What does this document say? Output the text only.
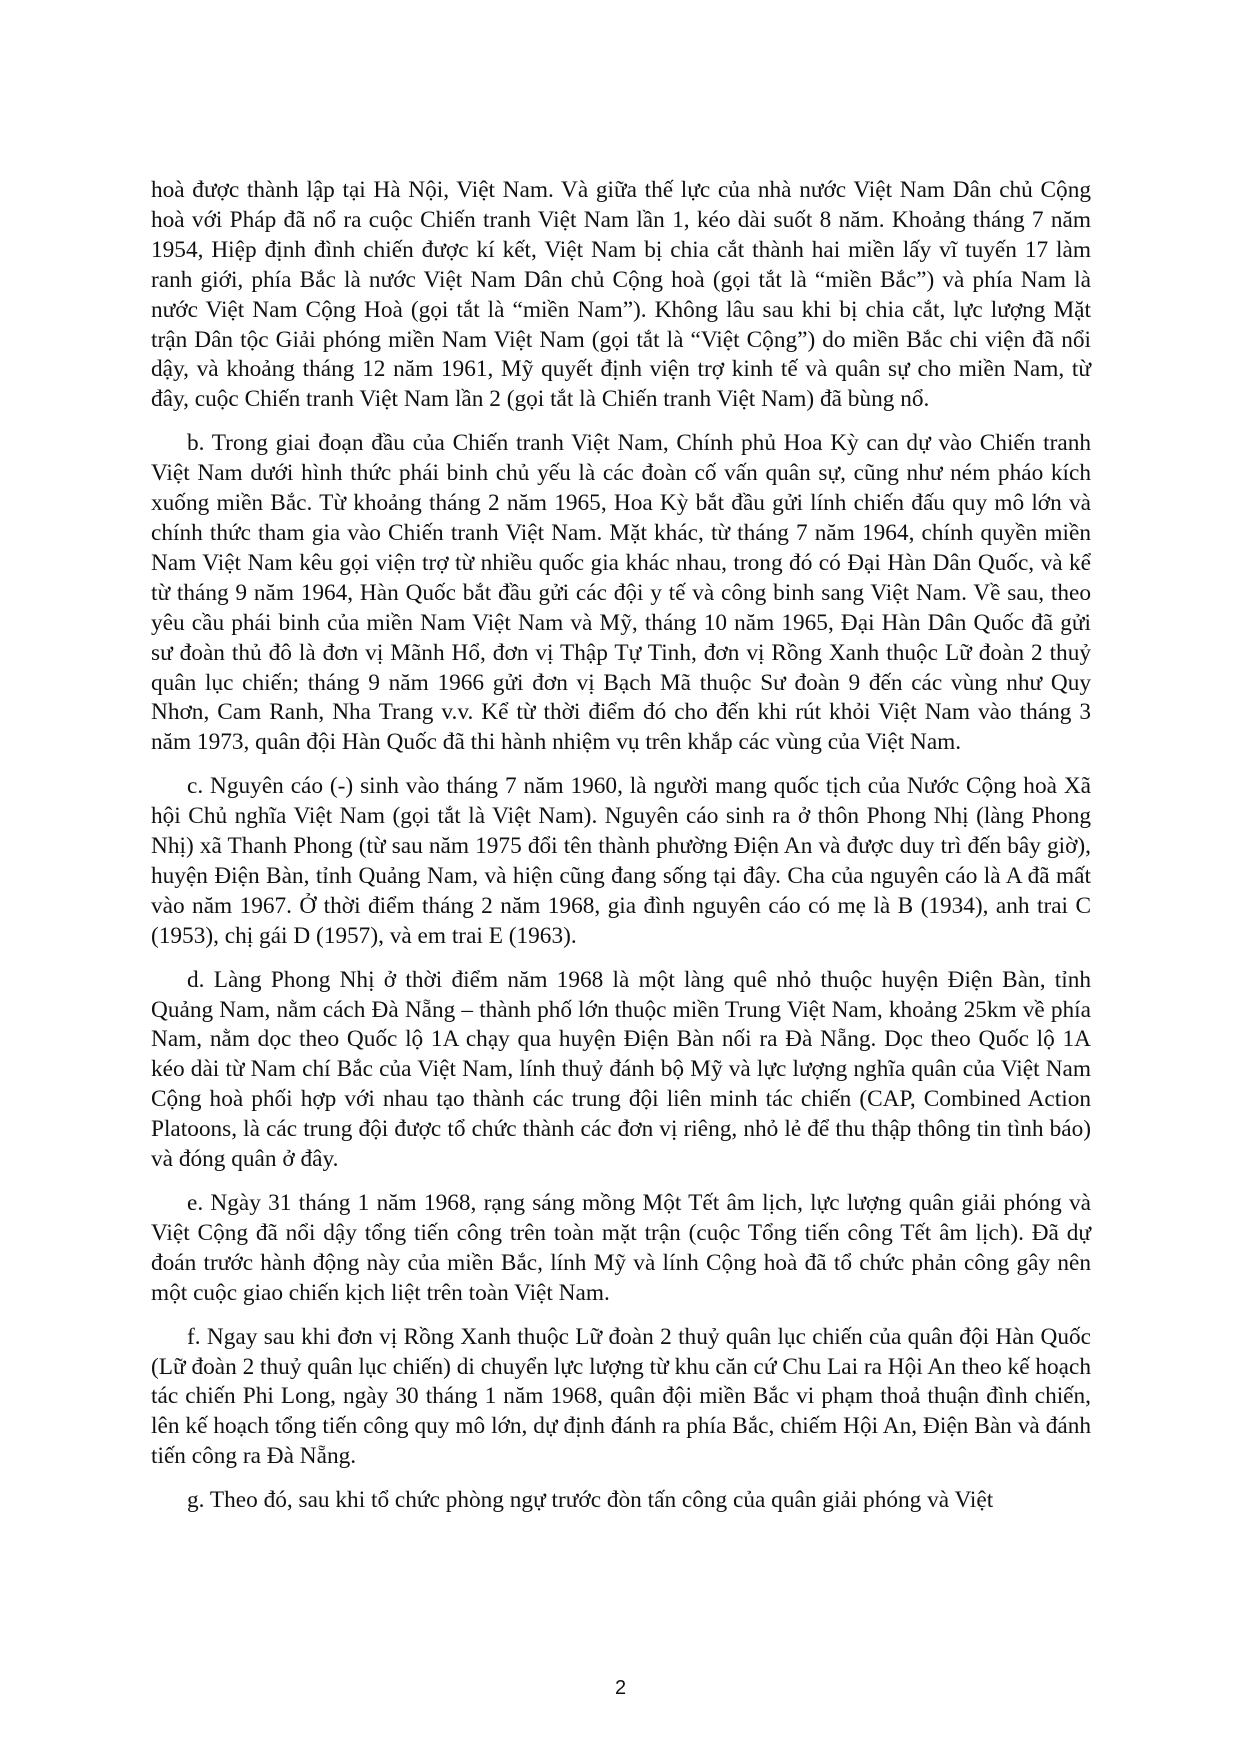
hoà được thành lập tại Hà Nội, Việt Nam. Và giữa thế lực của nhà nước Việt Nam Dân chủ Cộng hoà với Pháp đã nổ ra cuộc Chiến tranh Việt Nam lần 1, kéo dài suốt 8 năm. Khoảng tháng 7 năm 1954, Hiệp định đình chiến được kí kết, Việt Nam bị chia cắt thành hai miền lấy vĩ tuyến 17 làm ranh giới, phía Bắc là nước Việt Nam Dân chủ Cộng hoà (gọi tắt là “miền Bắc”) và phía Nam là nước Việt Nam Cộng Hoà (gọi tắt là “miền Nam”). Không lâu sau khi bị chia cắt, lực lượng Mặt trận Dân tộc Giải phóng miền Nam Việt Nam (gọi tắt là “Việt Cộng”) do miền Bắc chi viện đã nổi dậy, và khoảng tháng 12 năm 1961, Mỹ quyết định viện trợ kinh tế và quân sự cho miền Nam, từ đây, cuộc Chiến tranh Việt Nam lần 2 (gọi tắt là Chiến tranh Việt Nam) đã bùng nổ.

b. Trong giai đoạn đầu của Chiến tranh Việt Nam, Chính phủ Hoa Kỳ can dự vào Chiến tranh Việt Nam dưới hình thức phái binh chủ yếu là các đoàn cố vấn quân sự, cũng như ném pháo kích xuống miền Bắc. Từ khoảng tháng 2 năm 1965, Hoa Kỳ bắt đầu gửi lính chiến đấu quy mô lớn và chính thức tham gia vào Chiến tranh Việt Nam. Mặt khác, từ tháng 7 năm 1964, chính quyền miền Nam Việt Nam kêu gọi viện trợ từ nhiều quốc gia khác nhau, trong đó có Đại Hàn Dân Quốc, và kể từ tháng 9 năm 1964, Hàn Quốc bắt đầu gửi các đội y tế và công binh sang Việt Nam. Về sau, theo yêu cầu phái binh của miền Nam Việt Nam và Mỹ, tháng 10 năm 1965, Đại Hàn Dân Quốc đã gửi sư đoàn thủ đô là đơn vị Mãnh Hổ, đơn vị Thập Tự Tinh, đơn vị Rồng Xanh thuộc Lữ đoàn 2 thuỷ quân lục chiến; tháng 9 năm 1966 gửi đơn vị Bạch Mã thuộc Sư đoàn 9 đến các vùng như Quy Nhơn, Cam Ranh, Nha Trang v.v. Kể từ thời điểm đó cho đến khi rút khỏi Việt Nam vào tháng 3 năm 1973, quân đội Hàn Quốc đã thi hành nhiệm vụ trên khắp các vùng của Việt Nam.

c. Nguyên cáo (-) sinh vào tháng 7 năm 1960, là người mang quốc tịch của Nước Cộng hoà Xã hội Chủ nghĩa Việt Nam (gọi tắt là Việt Nam). Nguyên cáo sinh ra ở thôn Phong Nhị (làng Phong Nhị) xã Thanh Phong (từ sau năm 1975 đổi tên thành phường Điện An và được duy trì đến bây giờ), huyện Điện Bàn, tỉnh Quảng Nam, và hiện cũng đang sống tại đây. Cha của nguyên cáo là A đã mất vào năm 1967. Ở thời điểm tháng 2 năm 1968, gia đình nguyên cáo có mẹ là B (1934), anh trai C (1953), chị gái D (1957), và em trai E (1963).

d. Làng Phong Nhị ở thời điểm năm 1968 là một làng quê nhỏ thuộc huyện Điện Bàn, tỉnh Quảng Nam, nằm cách Đà Nẵng – thành phố lớn thuộc miền Trung Việt Nam, khoảng 25km về phía Nam, nằm dọc theo Quốc lộ 1A chạy qua huyện Điện Bàn nối ra Đà Nẵng. Dọc theo Quốc lộ 1A kéo dài từ Nam chí Bắc của Việt Nam, lính thuỷ đánh bộ Mỹ và lực lượng nghĩa quân của Việt Nam Cộng hoà phối hợp với nhau tạo thành các trung đội liên minh tác chiến (CAP, Combined Action Platoons, là các trung đội được tổ chức thành các đơn vị riêng, nhỏ lẻ để thu thập thông tin tình báo) và đóng quân ở đây.

e. Ngày 31 tháng 1 năm 1968, rạng sáng mồng Một Tết âm lịch, lực lượng quân giải phóng và Việt Cộng đã nổi dậy tổng tiến công trên toàn mặt trận (cuộc Tổng tiến công Tết âm lịch). Đã dự đoán trước hành động này của miền Bắc, lính Mỹ và lính Cộng hoà đã tổ chức phản công gây nên một cuộc giao chiến kịch liệt trên toàn Việt Nam.

f. Ngay sau khi đơn vị Rồng Xanh thuộc Lữ đoàn 2 thuỷ quân lục chiến của quân đội Hàn Quốc (Lữ đoàn 2 thuỷ quân lục chiến) di chuyển lực lượng từ khu căn cứ Chu Lai ra Hội An theo kế hoạch tác chiến Phi Long, ngày 30 tháng 1 năm 1968, quân đội miền Bắc vi phạm thoả thuận đình chiến, lên kế hoạch tổng tiến công quy mô lớn, dự định đánh ra phía Bắc, chiếm Hội An, Điện Bàn và đánh tiến công ra Đà Nẵng.

g. Theo đó, sau khi tổ chức phòng ngự trước đòn tấn công của quân giải phóng và Việt

2
